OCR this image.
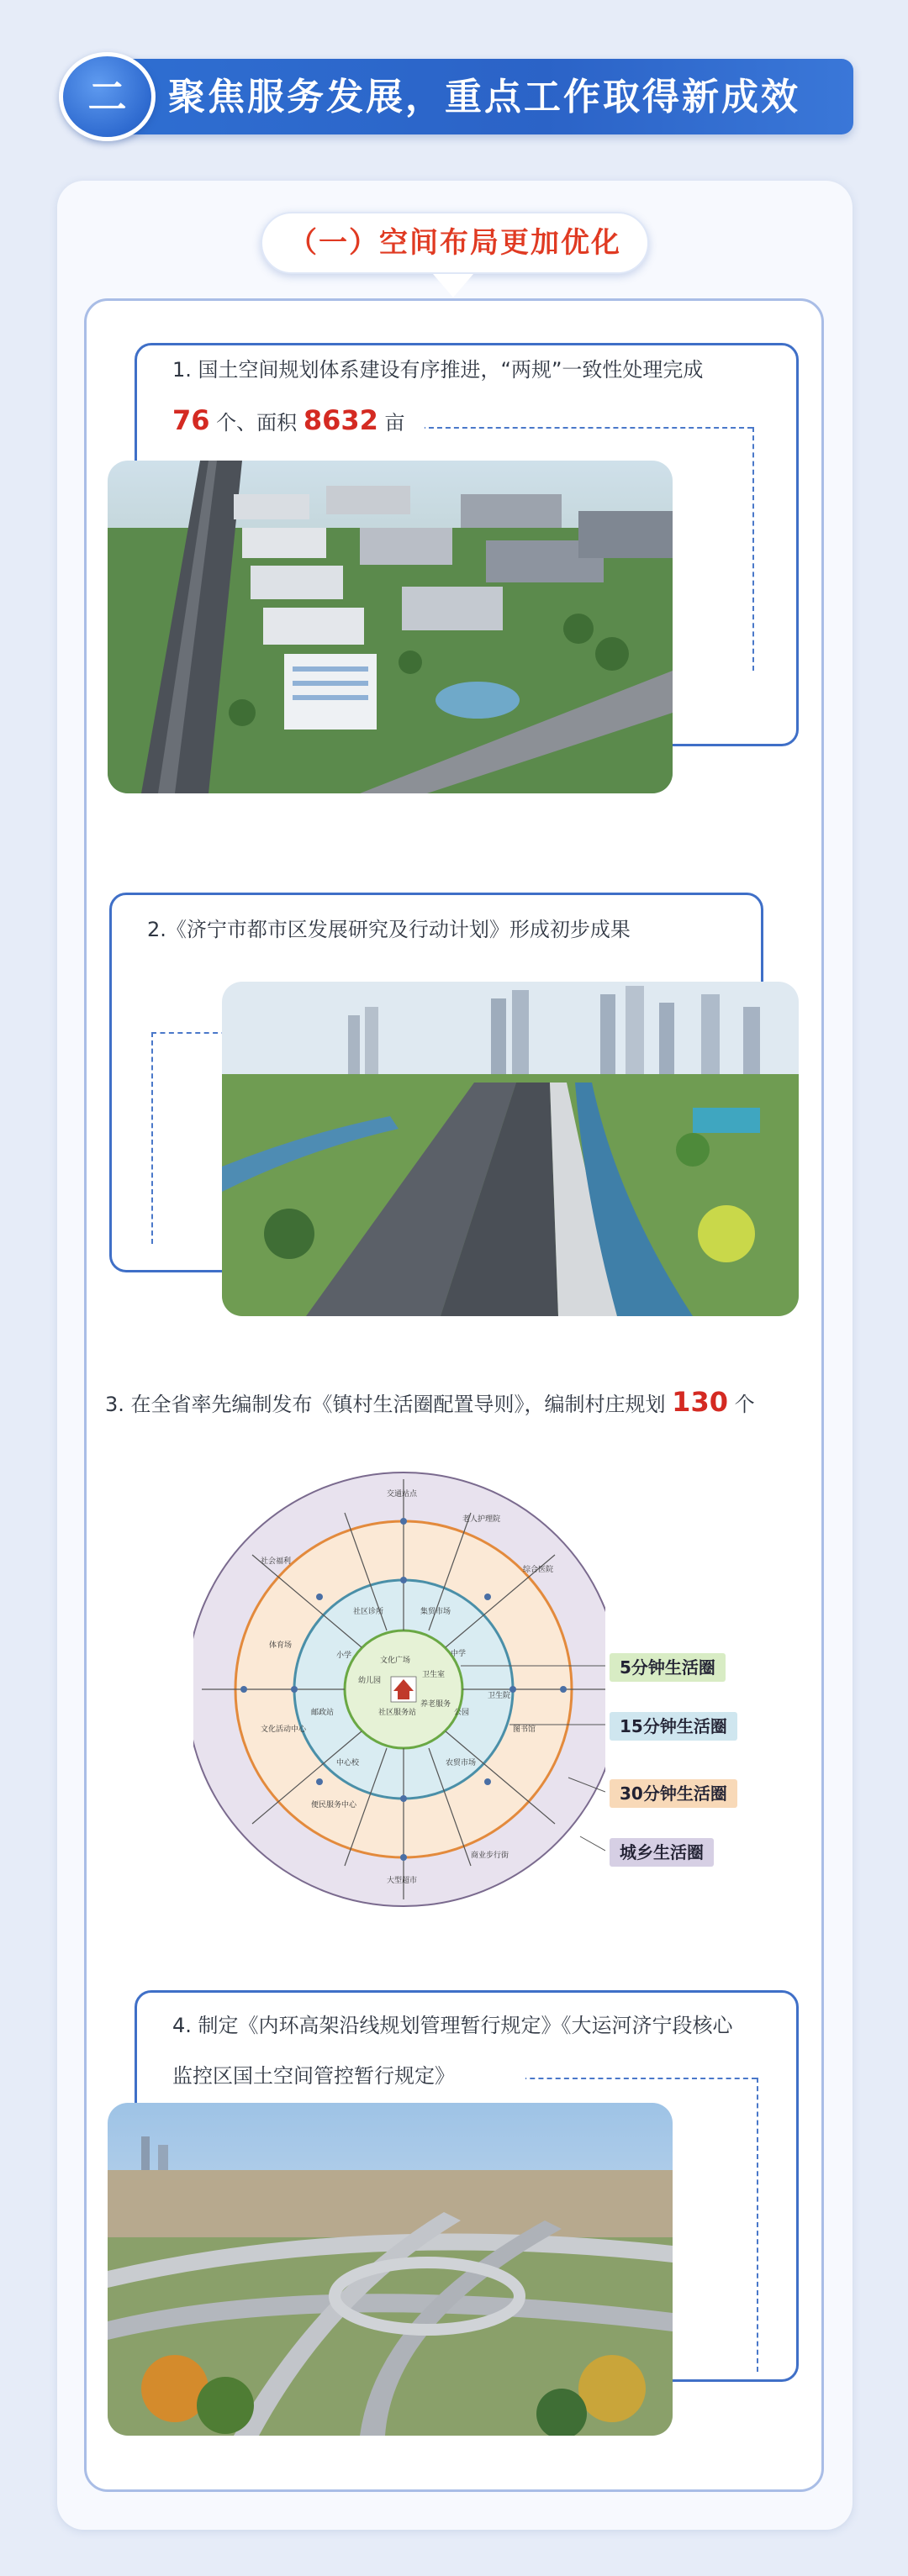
二	聚焦服务发展，重点工作取得新成效
（一）空间布局更加优化
1. 国土空间规划体系建设有序推进，“两规”一致性处理完成
76 个、面积 8632 亩
2.《济宁市都市区发展研究及行动计划》形成初步成果
3. 在全省率先编制发布《镇村生活圈配置导则》，编制村庄规划 130 个
文化广场
卫生室
幼儿园
小学	中学
社区服务站
养老服务
综合医院
社会福利
老人护理院
体育场
图书馆
农贸市场
中心校
商业步行街
大型超市
文化活动中心
便民服务中心
邮政站
卫生院
公园
集贸市场
社区诊所
交通站点
5分钟生活圈
15分钟生活圈
30分钟生活圈
城乡生活圈
4. 制定《内环高架沿线规划管理暂行规定》《大运河济宁段核心
监控区国土空间管控暂行规定》
